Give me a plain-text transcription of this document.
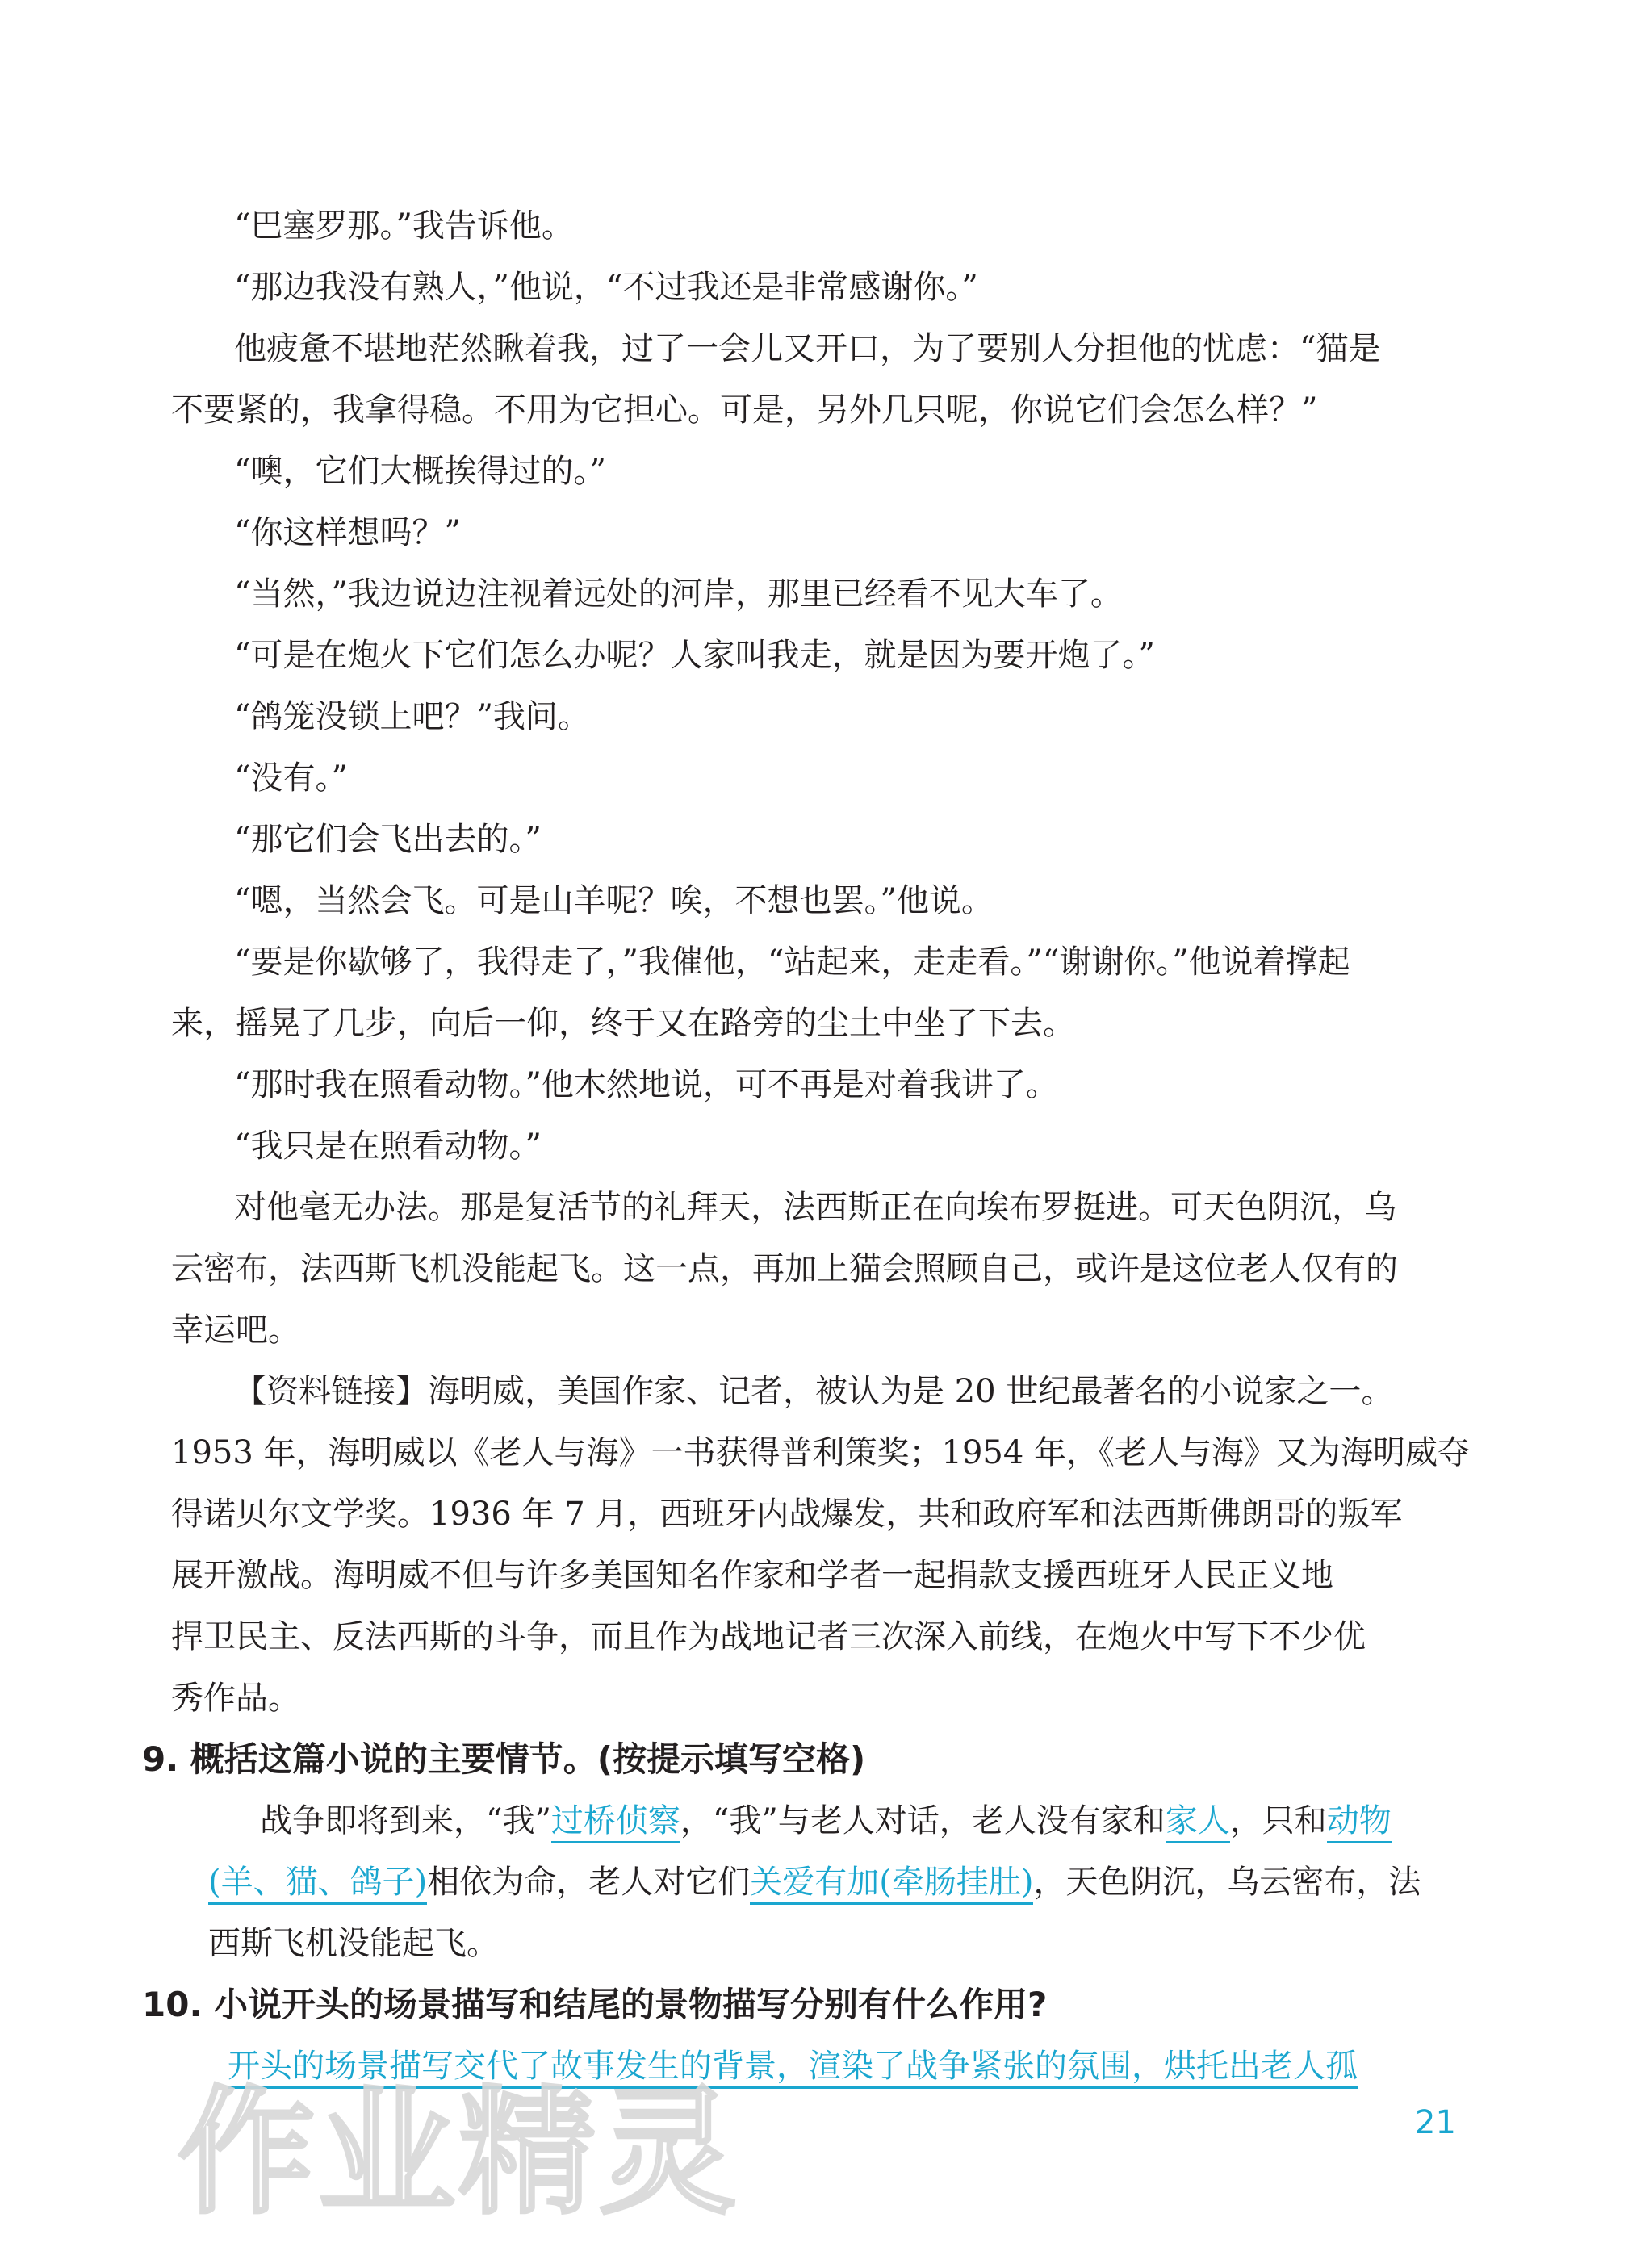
“巴塞罗那。”我告诉他。
“那边我没有熟人，”他说，“不过我还是非常感谢你。”
他疲惫不堪地茫然瞅着我，过了一会儿又开口，为了要别人分担他的忧虑：“猫是
不要紧的，我拿得稳。不用为它担心。可是，另外几只呢，你说它们会怎么样？”
“噢，它们大概挨得过的。”
“你这样想吗？”
“当然，”我边说边注视着远处的河岸，那里已经看不见大车了。
“可是在炮火下它们怎么办呢？人家叫我走，就是因为要开炮了。”
“鸽笼没锁上吧？”我问。
“没有。”
“那它们会飞出去的。”
“嗯，当然会飞。可是山羊呢？唉，不想也罢。”他说。
“要是你歇够了，我得走了，”我催他，“站起来，走走看。”“谢谢你。”他说着撑起
来，摇晃了几步，向后一仰，终于又在路旁的尘土中坐了下去。
“那时我在照看动物。”他木然地说，可不再是对着我讲了。
“我只是在照看动物。”
对他毫无办法。那是复活节的礼拜天，法西斯正在向埃布罗挺进。可天色阴沉，乌
云密布，法西斯飞机没能起飞。这一点，再加上猫会照顾自己，或许是这位老人仅有的
幸运吧。
【资料链接】海明威，美国作家、记者，被认为是 20 世纪最著名的小说家之一。
1953 年，海明威以《老人与海》一书获得普利策奖；1954 年，《老人与海》又为海明威夺
得诺贝尔文学奖。1936 年 7 月，西班牙内战爆发，共和政府军和法西斯佛朗哥的叛军
展开激战。海明威不但与许多美国知名作家和学者一起捐款支援西班牙人民正义地
捍卫民主、反法西斯的斗争，而且作为战地记者三次深入前线，在炮火中写下不少优
秀作品。
9. 概括这篇小说的主要情节。(按提示填写空格)
战争即将到来，“我”过桥侦察，“我”与老人对话，老人没有家和家人，只和动物
(羊、猫、鸽子)相依为命，老人对它们关爱有加(牵肠挂肚)，天色阴沉，乌云密布，法
西斯飞机没能起飞。
10. 小说开头的场景描写和结尾的景物描写分别有什么作用?
开头的场景描写交代了故事发生的背景，渲染了战争紧张的氛围，烘托出老人孤
21
作业精灵
